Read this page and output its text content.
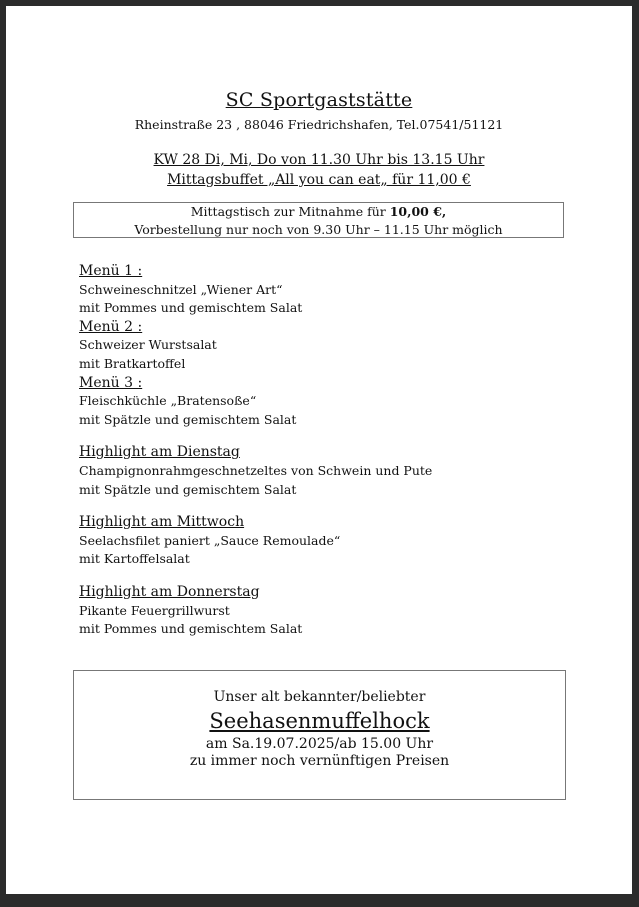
SC Sportgaststätte
Rheinstraße 23 , 88046 Friedrichshafen, Tel.07541/51121
KW 28 Di, Mi, Do von 11.30 Uhr bis 13.15 Uhr
Mittagsbuffet „All you can eat„ für 11,00 €
Mittagstisch zur Mitnahme für 10,00 €,
Vorbestellung nur noch von 9.30 Uhr – 11.15 Uhr möglich
Menü 1 :
Schweineschnitzel „Wiener Art“
mit Pommes und gemischtem Salat
Menü 2 :
Schweizer Wurstsalat
mit Bratkartoffel
Menü 3 :
Fleischküchle „Bratensoße“
mit Spätzle und gemischtem Salat
Highlight am Dienstag
Champignonrahmgeschnetzeltes von Schwein und Pute
mit Spätzle und gemischtem Salat
Highlight am Mittwoch
Seelachsfilet paniert „Sauce Remoulade“
mit Kartoffelsalat
Highlight am Donnerstag
Pikante Feuergrillwurst
mit Pommes und gemischtem Salat
Unser alt bekannter/beliebter
Seehasenmuffelhock
am Sa.19.07.2025/ab 15.00 Uhr
zu immer noch vernünftigen Preisen
